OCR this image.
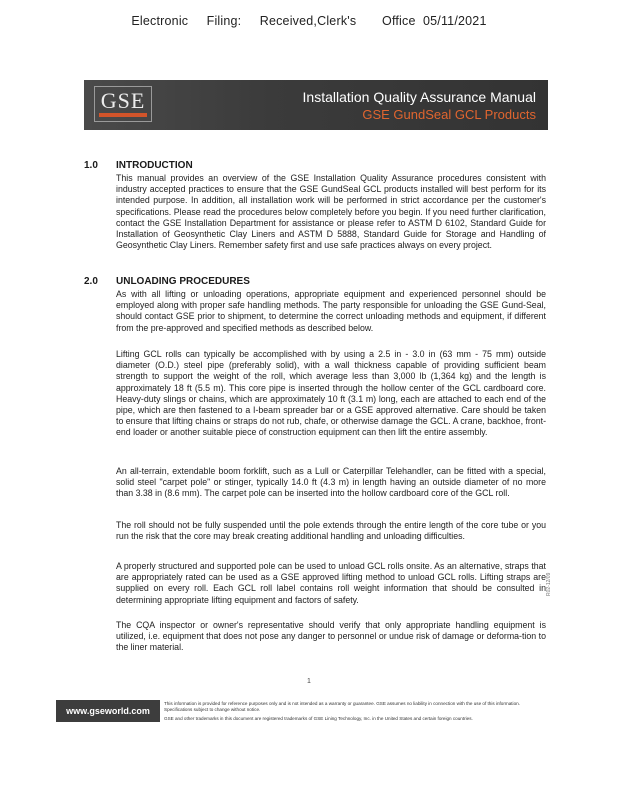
Electronic     Filing:     Received,Clerk's       Office  05/11/2021
GSE	Installation Quality Assurance Manual
GSE GundSeal GCL Products
1.0 INTRODUCTION

This manual provides an overview of the GSE Installation Quality Assurance procedures consistent with industry accepted practices to ensure that the GSE GundSeal GCL products installed will best perform for its intended purpose. In addition, all installation work will be performed in strict accordance per the customer's specifications. Please read the procedures below completely before you begin. If you need further clarification, contact the GSE Installation Department for assistance or please refer to ASTM D 6102, Standard Guide for Installation of Geosynthetic Clay Liners and ASTM D 5888, Standard Guide for Storage and Handling of Geosynthetic Clay Liners. Remember safety first and use safe practices always on every project.

2.0 UNLOADING PROCEDURES

As with all lifting or unloading operations, appropriate equipment and experienced personnel should be employed along with proper safe handling methods. The party responsible for unloading the GSE Gund-Seal, should contact GSE prior to shipment, to determine the correct unloading methods and equipment, if different from the pre-approved and specified methods as described below.

Lifting GCL rolls can typically be accomplished with by using a 2.5 in - 3.0 in (63 mm - 75 mm) outside diameter (O.D.) steel pipe (preferably solid), with a wall thickness capable of providing sufficient beam strength to support the weight of the roll, which average less than 3,000 lb (1,364 kg) and the length is approximately 18 ft (5.5 m). This core pipe is inserted through the hollow center of the GCL cardboard core. Heavy-duty slings or chains, which are approximately 10 ft (3.1 m) long, each are attached to each end of the pipe, which are then fastened to a I-beam spreader bar or a GSE approved alternative. Care should be taken to ensure that lifting chains or straps do not rub, chafe, or otherwise damage the GCL. A crane, backhoe, front-end loader or another suitable piece of construction equipment can then lift the entire assembly.

An all-terrain, extendable boom forklift, such as a Lull or Caterpillar Telehandler, can be fitted with a special, solid steel "carpet pole" or stinger, typically 14.0 ft (4.3 m) in length having an outside diameter of no more than 3.38 in (8.6 mm). The carpet pole can be inserted into the hollow cardboard core of the GCL roll.

The roll should not be fully suspended until the pole extends through the entire length of the core tube or you run the risk that the core may break creating additional handling and unloading difficulties.

A properly structured and supported pole can be used to unload GCL rolls onsite. As an alternative, straps that are appropriately rated can be used as a GSE approved lifting method to unload GCL rolls. Lifting straps are supplied on every roll. Each GCL roll label contains roll weight information that should be consulted in determining appropriate lifting equipment and factors of safety.

The CQA inspector or owner's representative should verify that only appropriate handling equipment is utilized, i.e. equipment that does not pose any danger to personnel or undue risk of damage or deforma-tion to the liner material.

1
R02-12/09
www.gseworld.com
This information is provided for reference purposes only and is not intended as a warranty or guarantee. GSE assumes no liability in connection with the use of this information. Specifications subject to change without notice.
GSE and other trademarks in this document are registered trademarks of GSE Lining Technology, Inc. in the United States and certain foreign countries.
